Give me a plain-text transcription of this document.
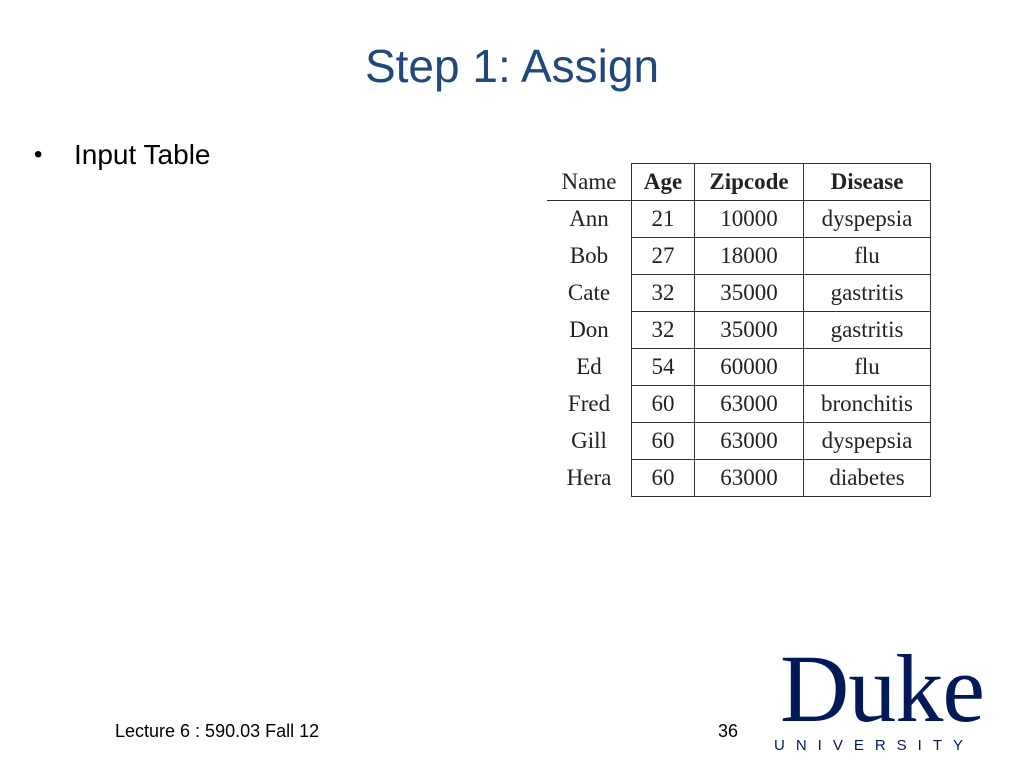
Step 1: Assign
•	Input Table
Name	Age	Zipcode	Disease
Ann	21	10000	dyspepsia
Bob	27	18000	flu
Cate	32	35000	gastritis
Don	32	35000	gastritis
Ed	54	60000	flu
Fred	60	63000	bronchitis
Gill	60	63000	dyspepsia
Hera	60	63000	diabetes
Lecture 6 : 590.03 Fall 12	36 Duke
UNIVERSITY
